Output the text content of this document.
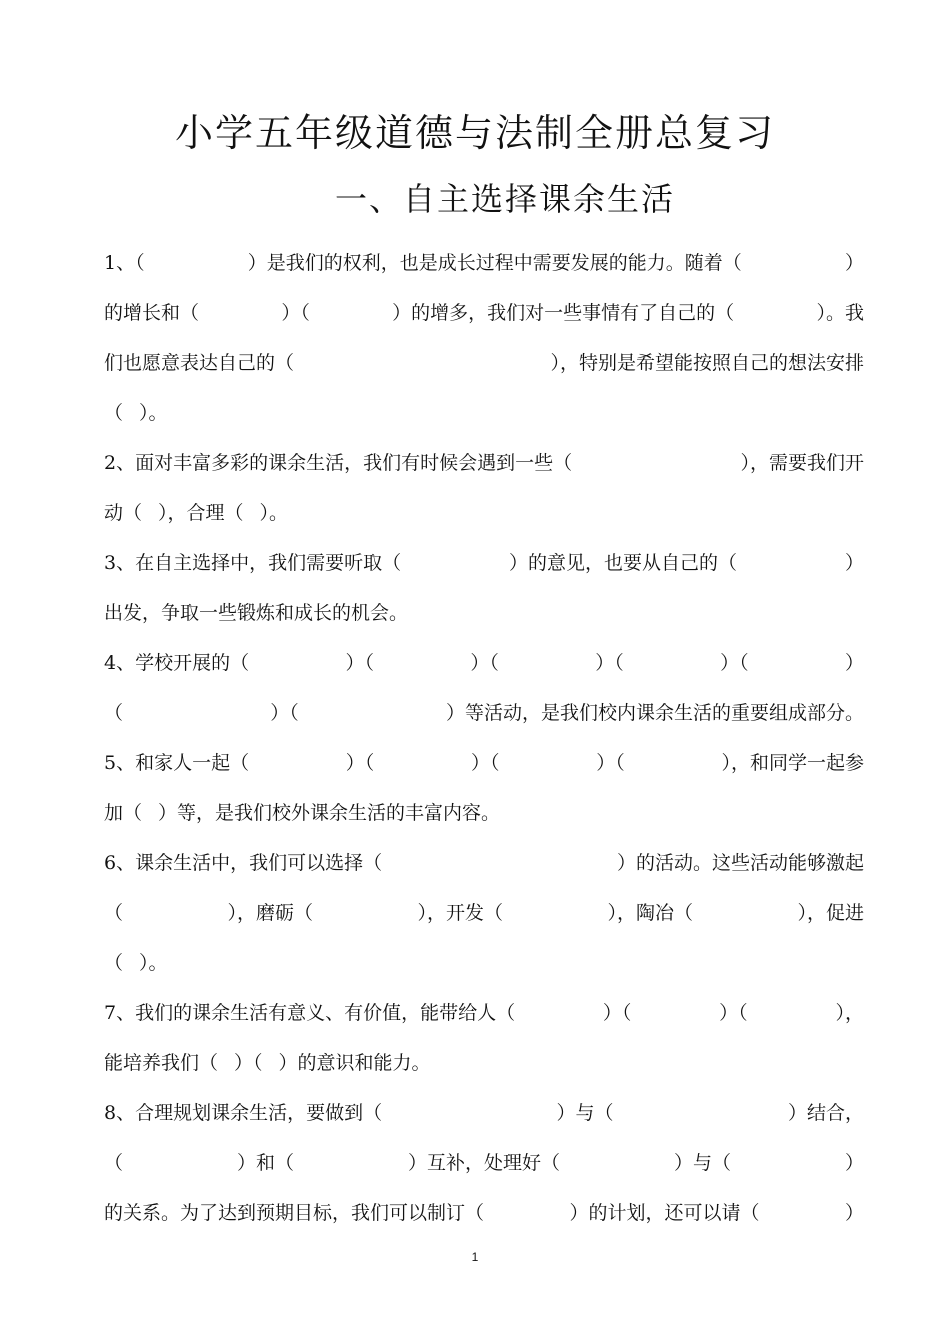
小学五年级道德与法制全册总复习
一、自主选择课余生活
1、（	）是我们的权利，也是成长过程中需要发展的能力。随着（	）
的增长和（	）（	）的增多，我们对一些事情有了自己的（	）。我
们也愿意表达自己的（	），特别是希望能按照自己的想法安排
（ ）。
2、面对丰富多彩的课余生活，我们有时候会遇到一些（	），需要我们开
动（ ），合理（ ）。
3、在自主选择中，我们需要听取（	）的意见，也要从自己的（	）
出发，争取一些锻炼和成长的机会。
4、学校开展的（	）（	）（	）（	）（	）
（	）（	）等活动，是我们校内课余生活的重要组成部分。
5、和家人一起（	）（	）（	）（	），和同学一起参
加（ ）等，是我们校外课余生活的丰富内容。
6、课余生活中，我们可以选择（	）的活动。这些活动能够激起
（	），磨砺（	），开发（	），陶冶（	），促进
（ ）。
7、我们的课余生活有意义、有价值，能带给人（	）（	）（	），
能培养我们（ ）（ ）的意识和能力。
8、合理规划课余生活，要做到（	）与（	）结合，
（	）和（	）互补，处理好（	）与（	）
的关系。为了达到预期目标，我们可以制订（	）的计划，还可以请（	）
1
